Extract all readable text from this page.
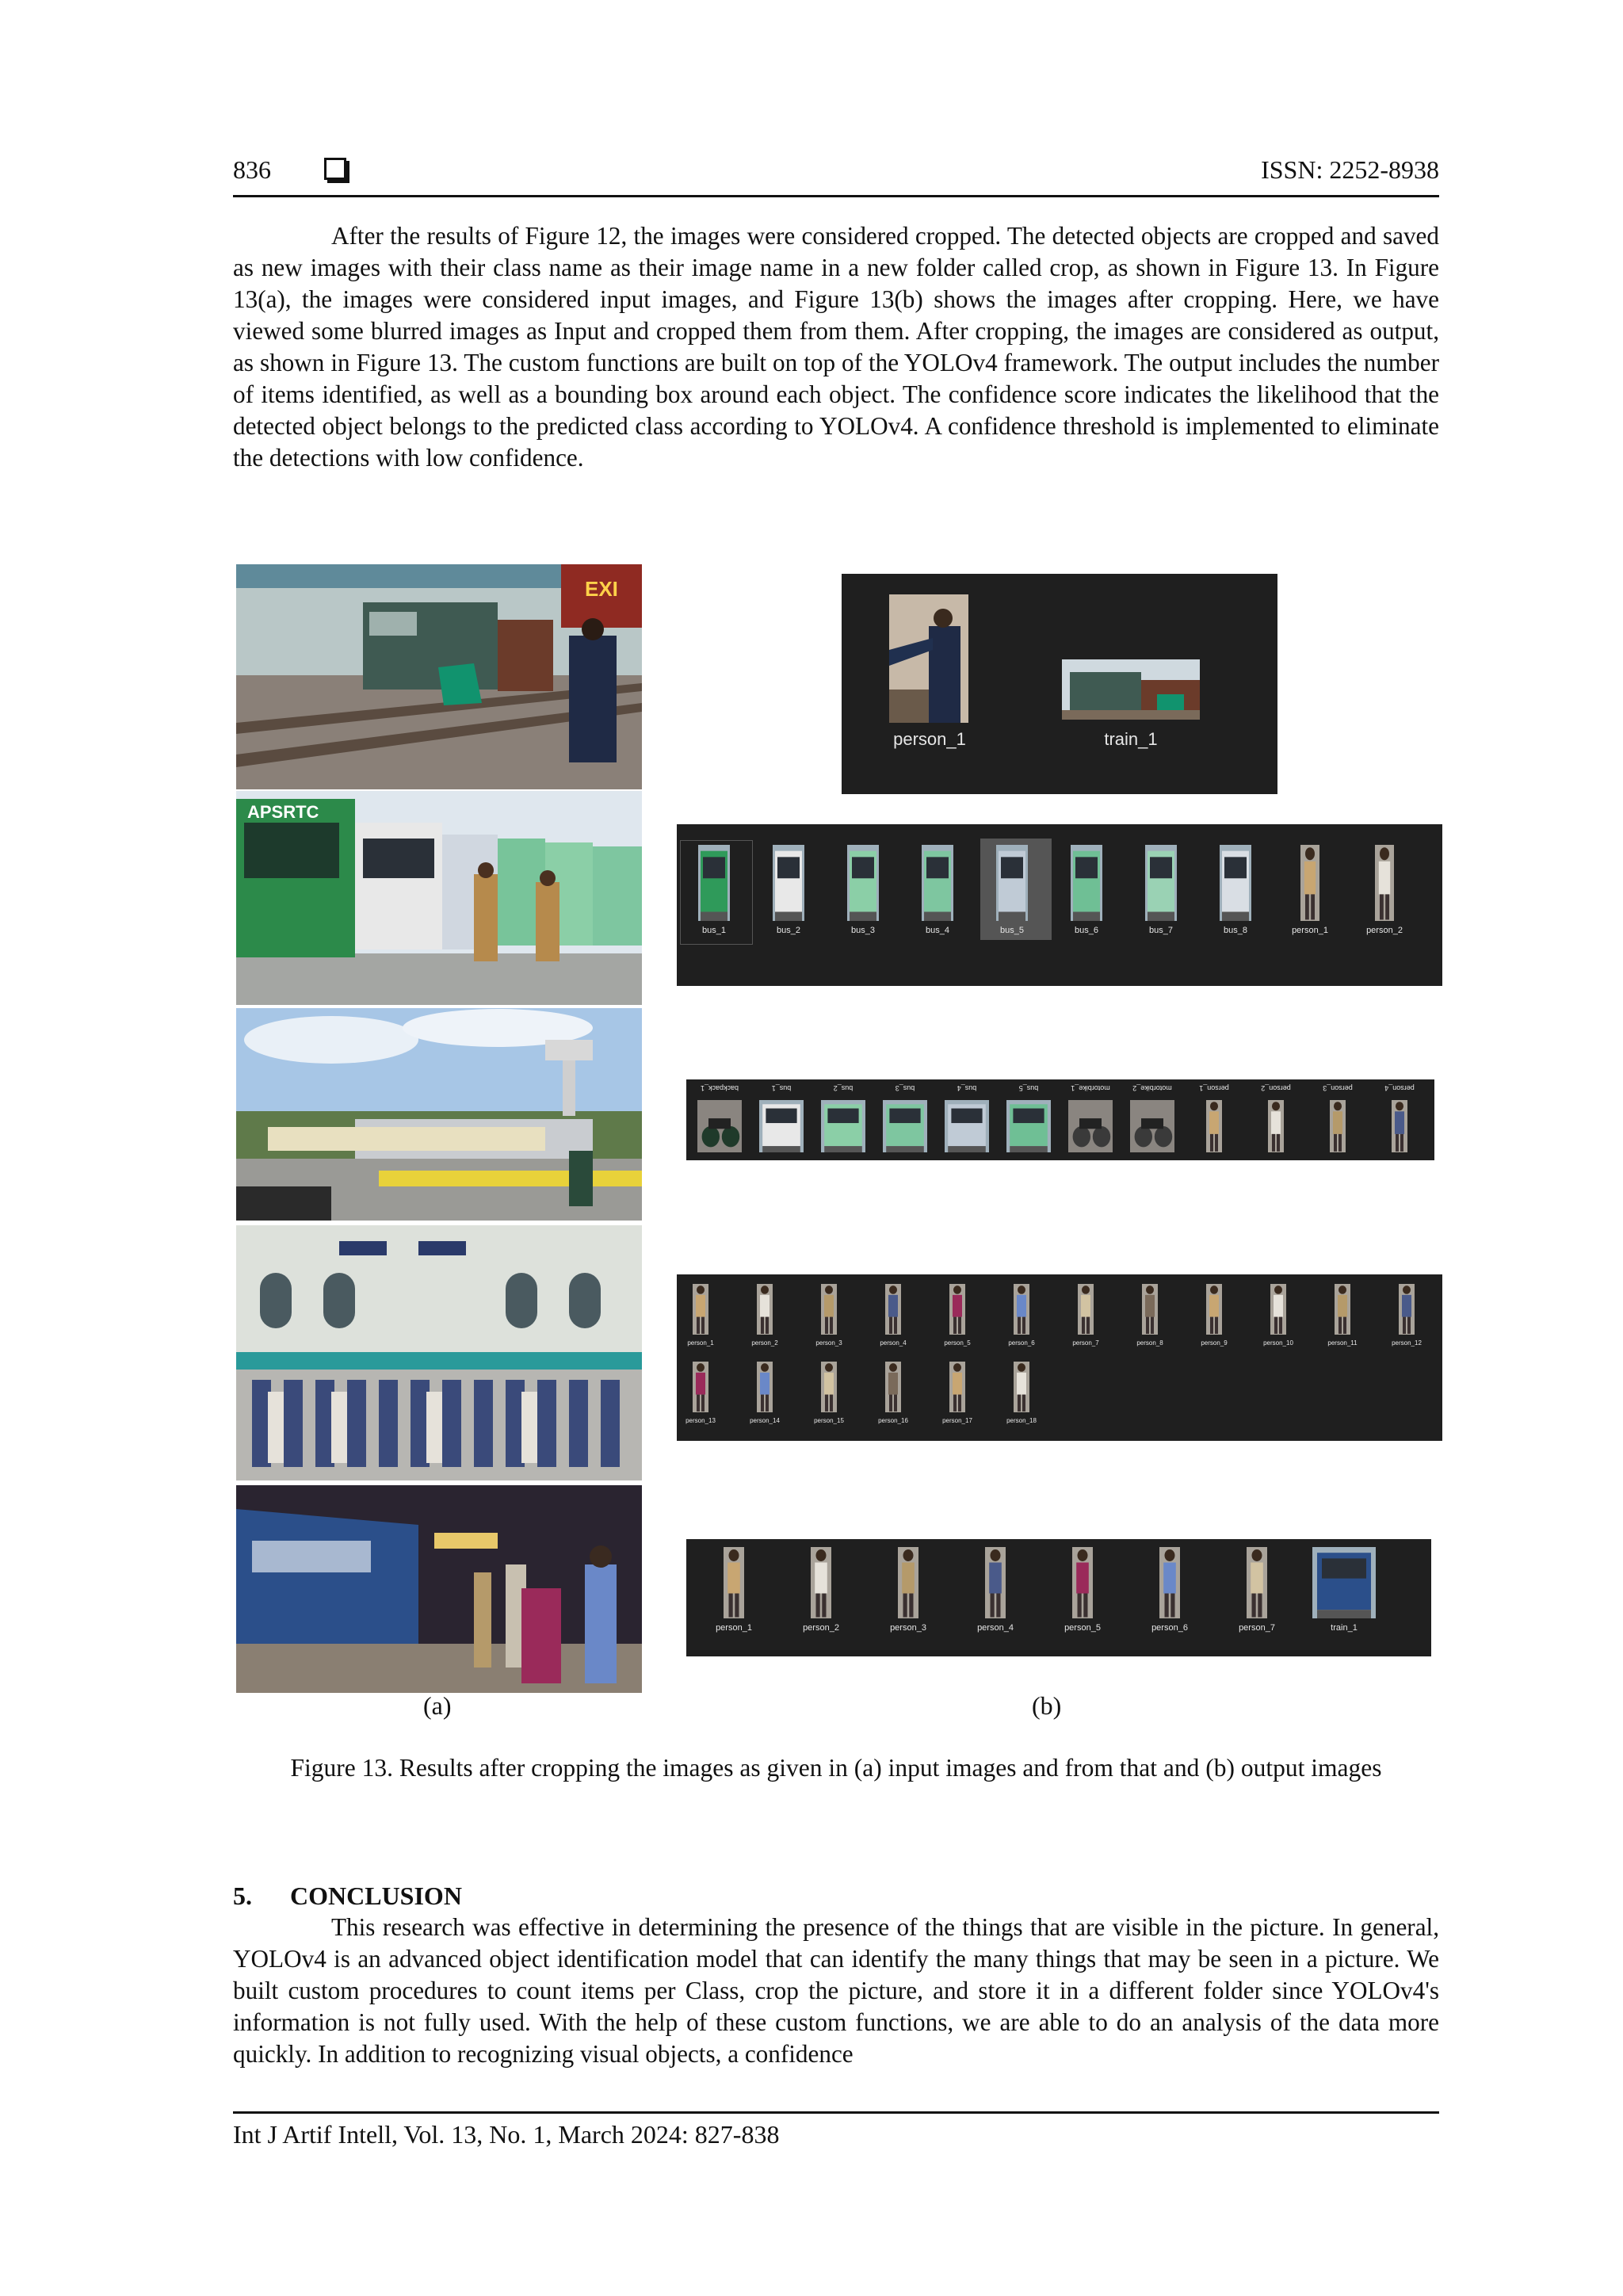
836	ISSN: 2252-8938

After the results of Figure 12, the images were considered cropped. The detected objects are cropped and saved as new images with their class name as their image name in a new folder called crop, as shown in Figure 13. In Figure 13(a), the images were considered input images, and Figure 13(b) shows the images after cropping. Here, we have viewed some blurred images as Input and cropped them from them. After cropping, the images are considered as output, as shown in Figure 13. The custom functions are built on top of the YOLOv4 framework. The output includes the number of items identified, as well as a bounding box around each object. The confidence score indicates the likelihood that the detected object belongs to the predicted class according to YOLOv4. A confidence threshold is implemented to eliminate the detections with low confidence.

EXI
APSRTC
person_1	train_1
bus_1	bus_2	bus_3	bus_4	bus_5	bus_6	bus_7	bus_8	person_1	person_2
backpack_1	bus_1	bus_2	bus_3	bus_4	bus_5	motorbike_1	motorbike_2	person_1	person_2	person_3	person_4
person_1	person_2	person_3	person_4	person_5	person_6	person_7	person_8	person_9	person_10	person_11	person_12
person_13	person_14	person_15	person_16	person_17	person_18
person_1	person_2	person_3	person_4	person_5	person_6	person_7	train_1
(a)	(b)
Figure 13. Results after cropping the images as given in (a) input images and from that and (b) output images
5. CONCLUSION

This research was effective in determining the presence of the things that are visible in the picture. In general, YOLOv4 is an advanced object identification model that can identify the many things that may be seen in a picture. We built custom procedures to count items per Class, crop the picture, and store it in a different folder since YOLOv4's information is not fully used. With the help of these custom functions, we are able to do an analysis of the data more quickly. In addition to recognizing visual objects, a confidence

Int J Artif Intell, Vol. 13, No. 1, March 2024: 827-838
